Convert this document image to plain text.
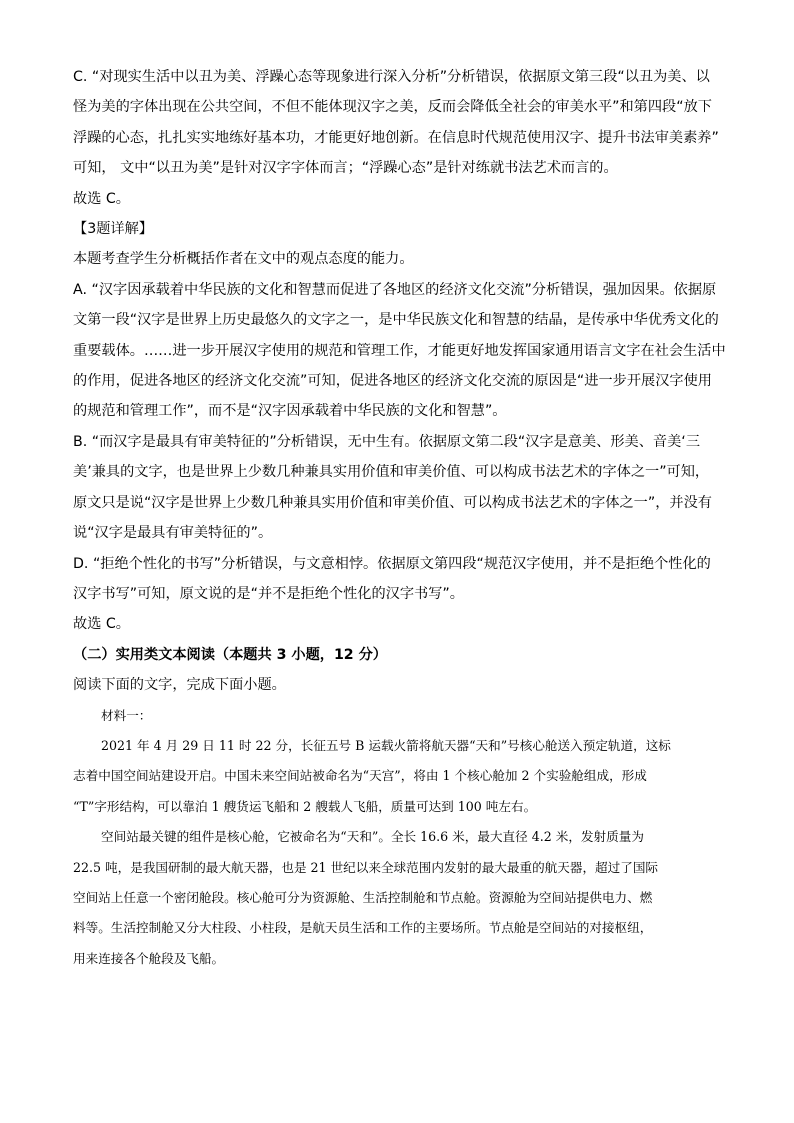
C. “对现实生活中以丑为美、浮躁心态等现象进行深入分析”分析错误，依据原文第三段“以丑为美、以

怪为美的字体出现在公共空间，不但不能体现汉字之美，反而会降低全社会的审美水平”和第四段“放下

浮躁的心态，扎扎实实地练好基本功，才能更好地创新。在信息时代规范使用汉字、提升书法审美素养”

可知， 文中“以丑为美”是针对汉字字体而言；“浮躁心态”是针对练就书法艺术而言的。

故选 C。

【3题详解】

本题考查学生分析概括作者在文中的观点态度的能力。

A. “汉字因承载着中华民族的文化和智慧而促进了各地区的经济文化交流”分析错误，强加因果。依据原

文第一段“汉字是世界上历史最悠久的文字之一，是中华民族文化和智慧的结晶，是传承中华优秀文化的

重要载体。……进一步开展汉字使用的规范和管理工作，才能更好地发挥国家通用语言文字在社会生活中

的作用，促进各地区的经济文化交流”可知，促进各地区的经济文化交流的原因是“进一步开展汉字使用

的规范和管理工作”，而不是“汉字因承载着中华民族的文化和智慧”。

B. “而汉字是最具有审美特征的”分析错误，无中生有。依据原文第二段“汉字是意美、形美、音美‘三

美’兼具的文字，也是世界上少数几种兼具实用价值和审美价值、可以构成书法艺术的字体之一”可知，

原文只是说“汉字是世界上少数几种兼具实用价值和审美价值、可以构成书法艺术的字体之一”，并没有

说“汉字是最具有审美特征的”。

D. “拒绝个性化的书写”分析错误，与文意相悖。依据原文第四段“规范汉字使用，并不是拒绝个性化的

汉字书写”可知，原文说的是“并不是拒绝个性化的汉字书写”。

故选 C。

（二）实用类文本阅读（本题共 3 小题，12 分）

阅读下面的文字，完成下面小题。

材料一：

2021 年 4 月 29 日 11 时 22 分，长征五号 B 运载火箭将航天器“天和”号核心舱送入预定轨道，这标

志着中国空间站建设开启。中国未来空间站被命名为“天宫”，将由 1 个核心舱加 2 个实验舱组成，形成

“T”字形结构，可以靠泊 1 艘货运飞船和 2 艘载人飞船，质量可达到 100 吨左右。

空间站最关键的组件是核心舱，它被命名为“天和”。全长 16.6 米，最大直径 4.2 米，发射质量为

22.5 吨，是我国研制的最大航天器，也是 21 世纪以来全球范围内发射的最大最重的航天器，超过了国际

空间站上任意一个密闭舱段。核心舱可分为资源舱、生活控制舱和节点舱。资源舱为空间站提供电力、燃

料等。生活控制舱又分大柱段、小柱段，是航天员生活和工作的主要场所。节点舱是空间站的对接枢纽，

用来连接各个舱段及飞船。
